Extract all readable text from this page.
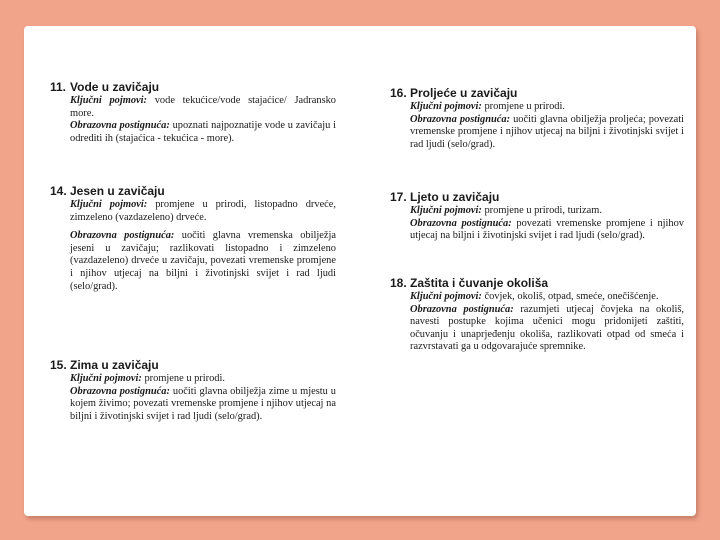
11. Vode u zavičaju

Ključni pojmovi: vode tekućice/vode stajaćice/ Jadransko more.

Obrazovna postignuća: upoznati najpoznatije vode u zavičaju i odrediti ih (stajaćica - tekućica - more).

14. Jesen u zavičaju

Ključni pojmovi: promjene u prirodi, listopadno drveće, zimzeleno (vazdazeleno) drveće.

Obrazovna postignuća: uočiti glavna vremenska obilježja jeseni u zavičaju; razlikovati listopadno i zimzeleno (vazdazeleno) drveće u zavičaju, povezati vremenske promjene i njihov utjecaj na biljni i životinjski svijet i rad ljudi (selo/grad).

15. Zima u zavičaju

Ključni pojmovi: promjene u prirodi.

Obrazovna postignuća: uočiti glavna obilježja zime u mjestu u kojem živimo; povezati vremenske promjene i njihov utjecaj na biljni i životinjski svijet i rad ljudi (selo/grad).

16. Proljeće u zavičaju

Ključni pojmovi: promjene u prirodi.

Obrazovna postignuća: uočiti glavna obilježja proljeća; povezati vremenske promjene i njihov utjecaj na biljni i životinjski svijet i rad ljudi (selo/grad).

17. Ljeto u zavičaju

Ključni pojmovi: promjene u prirodi, turizam.

Obrazovna postignuća: povezati vremenske promjene i njihov utjecaj na biljni i životinjski svijet i rad ljudi (selo/grad).

18. Zaštita i čuvanje okoliša

Ključni pojmovi: čovjek, okoliš, otpad, smeće, onečišćenje.

Obrazovna postignuća: razumjeti utjecaj čovjeka na okoliš, navesti postupke kojima učenici mogu pridonijeti zaštiti, očuvanju i unaprjeđenju okoliša, razlikovati otpad od smeća i razvrstavati ga u odgovarajuće spremnike.
